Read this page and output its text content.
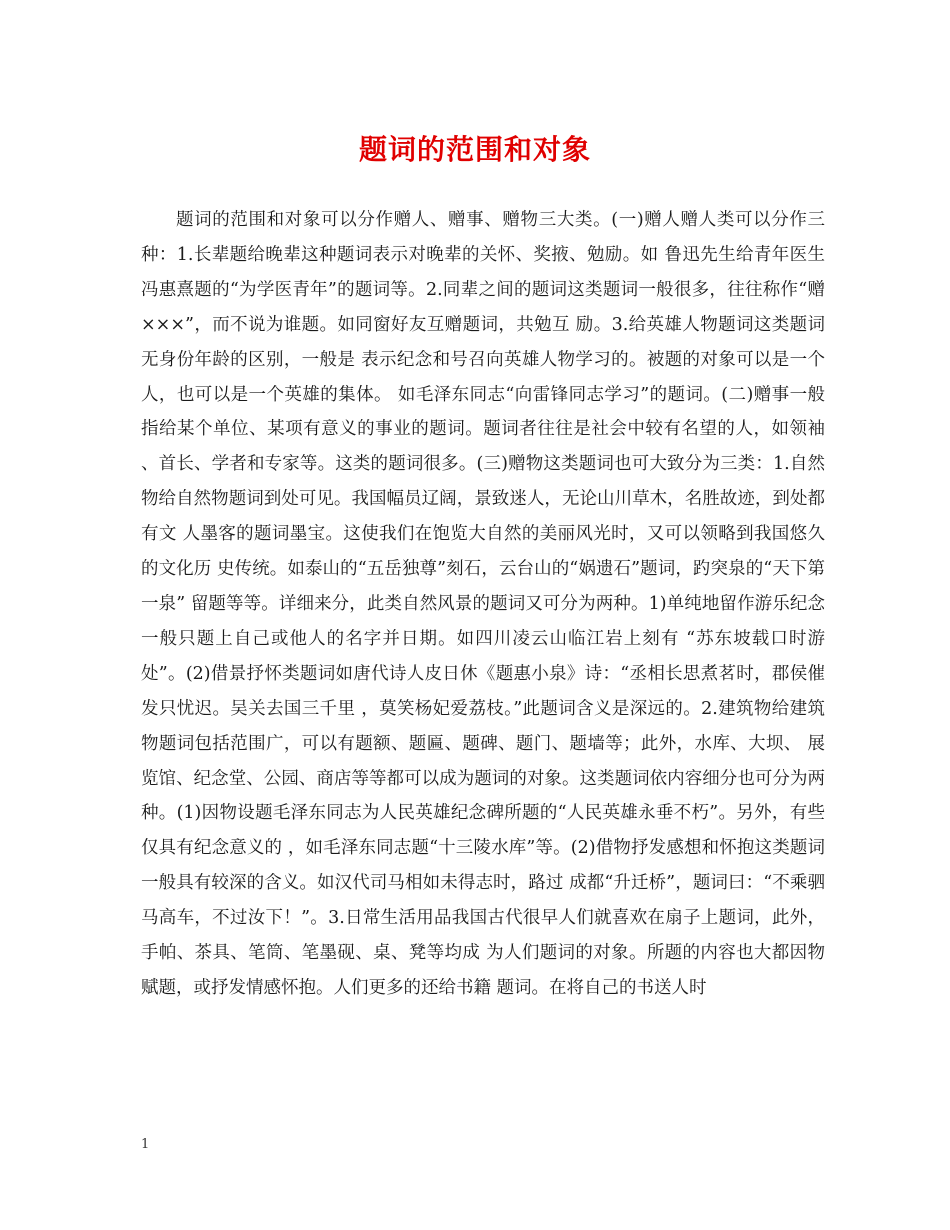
题词的范围和对象

题词的范围和对象可以分作赠人、赠事、赠物三大类。(一)赠人赠人类可以分作三种：1.长辈题给晚辈这种题词表示对晚辈的关怀、奖掖、勉励。如 鲁迅先生给青年医生冯惠熹题的“为学医青年”的题词等。2.同辈之间的题词这类题词一般很多，往往称作“赠×××”，而不说为谁题。如同窗好友互赠题词，共勉互 励。3.给英雄人物题词这类题词无身份年龄的区别，一般是 表示纪念和号召向英雄人物学习的。被题的对象可以是一个人，也可以是一个英雄的集体。 如毛泽东同志“向雷锋同志学习”的题词。(二)赠事一般指给某个单位、某项有意义的事业的题词。题词者往往是社会中较有名望的人，如领袖 、首长、学者和专家等。这类的题词很多。(三)赠物这类题词也可大致分为三类：1.自然物给自然物题词到处可见。我国幅员辽阔，景致迷人，无论山川草木，名胜故迹，到处都有文 人墨客的题词墨宝。这使我们在饱览大自然的美丽风光时，又可以领略到我国悠久的文化历 史传统。如泰山的“五岳独尊”刻石，云台山的“娲遗石”题词，趵突泉的“天下第一泉” 留题等等。详细来分，此类自然风景的题词又可分为两种。1)单纯地留作游乐纪念一般只题上自己或他人的名字并日期。如四川凌云山临江岩上刻有 “苏东坡载口时游处”。(2)借景抒怀类题词如唐代诗人皮日休《题惠小泉》诗：“丞相长思煮茗时，郡侯催发只忧迟。吴关去国三千里 ，莫笑杨妃爱荔枝。”此题词含义是深远的。2.建筑物给建筑物题词包括范围广，可以有题额、题匾、题碑、题门、题墙等；此外，水库、大坝、 展览馆、纪念堂、公园、商店等等都可以成为题词的对象。这类题词依内容细分也可分为两 种。(1)因物设题毛泽东同志为人民英雄纪念碑所题的“人民英雄永垂不朽”。另外，有些仅具有纪念意义的 ，如毛泽东同志题“十三陵水库”等。(2)借物抒发感想和怀抱这类题词一般具有较深的含义。如汉代司马相如未得志时，路过 成都“升迁桥”，题词曰：“不乘驷马高车，不过汝下！”。3.日常生活用品我国古代很早人们就喜欢在扇子上题词，此外，手帕、茶具、笔筒、笔墨砚、桌、凳等均成 为人们题词的对象。所题的内容也大都因物赋题，或抒发情感怀抱。人们更多的还给书籍 题词。在将自己的书送人时

1
